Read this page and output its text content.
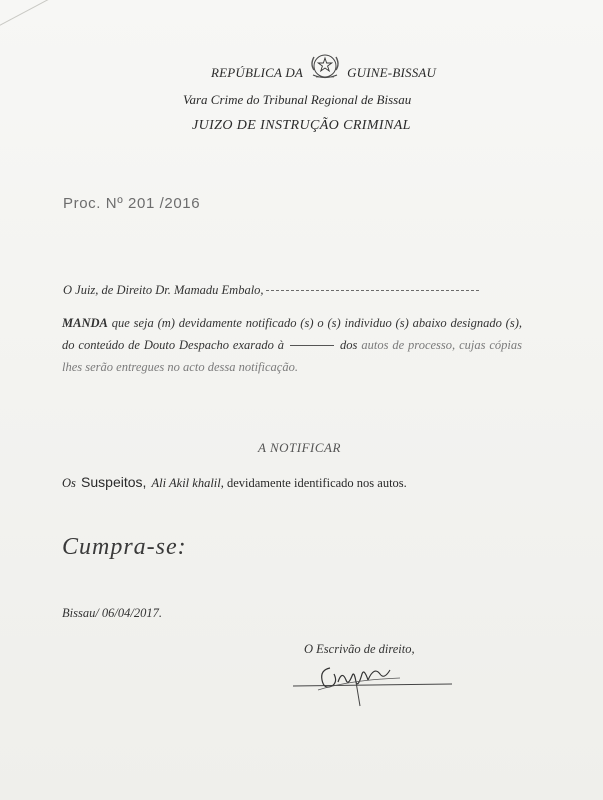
REPÚBLICA DA	GUINE-BISSAU
Vara Crime do Tribunal Regional de Bissau
JUIZO DE INSTRUÇÃO CRIMINAL
Proc. Nº 201 /2016
O Juiz, de Direito Dr. Mamadu Embalo,
MANDA que seja (m) devidamente notificado (s) o (s) individuo (s) abaixo designado (s), do conteúdo de Douto Despacho exarado à	dos autos de processo, cujas cópias lhes serão entregues no acto dessa notificação.
A NOTIFICAR
Os Suspeitos, Ali Akil khalil, devidamente identificado nos autos.
Cumpra-se:
Bissau/ 06/04/2017.
O Escrivão de direito,
